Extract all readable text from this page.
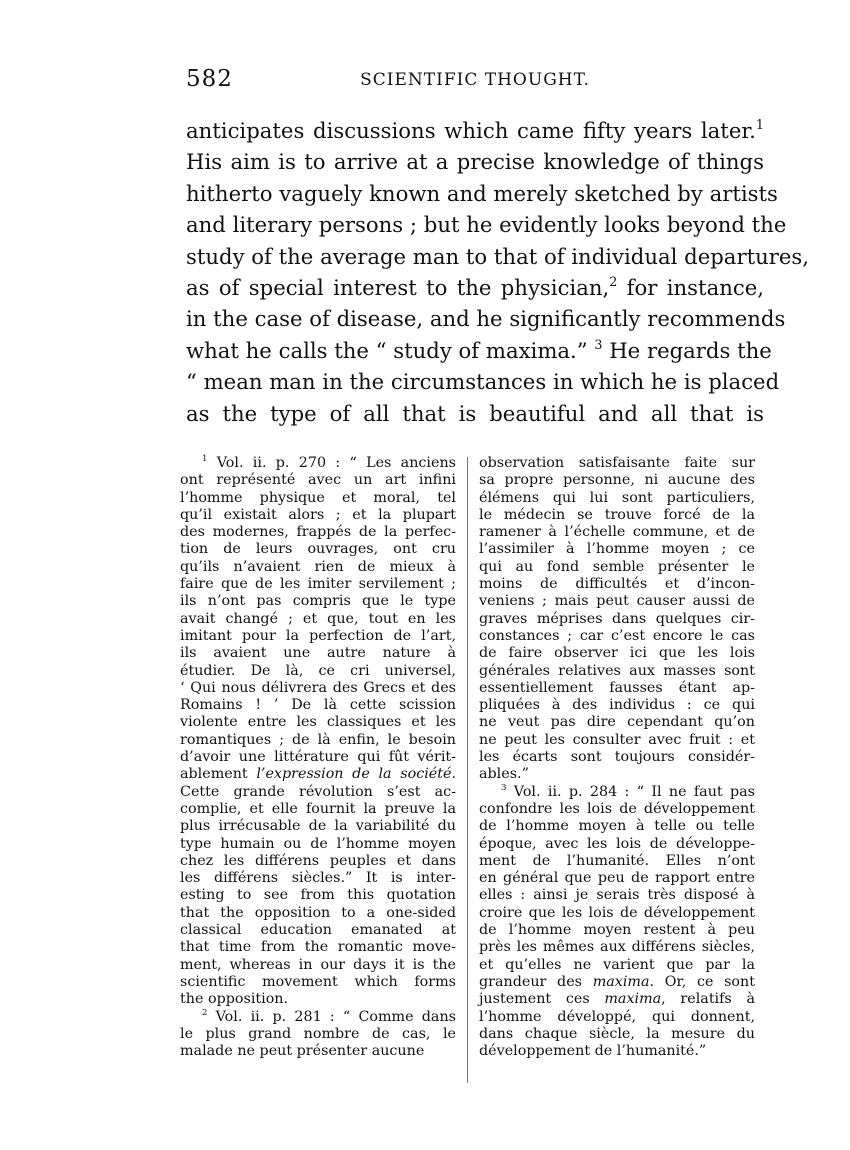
582	SCIENTIFIC THOUGHT.
anticipates discussions which came fifty years later.$^1$
His aim is to arrive at a precise knowledge of things
hitherto vaguely known and merely sketched by artists
and literary persons ; but he evidently looks beyond the
study of the average man to that of individual departures,
as of special interest to the physician,$^2$ for instance,
in the case of disease, and he significantly recommends
what he calls the “ study of maxima.” $^3$ He regards the
“ mean man in the circumstances in which he is placed
as the type of all that is beautiful and all that is
$^1$ Vol. ii. p. 270 : “ Les anciens
ont représenté avec un art infini
l’homme physique et moral, tel
qu’il existait alors ; et la plupart
des modernes, frappés de la perfec-
tion de leurs ouvrages, ont cru
qu’ils n’avaient rien de mieux à
faire que de les imiter servilement ;
ils n’ont pas compris que le type
avait changé ; et que, tout en les
imitant pour la perfection de l’art,
ils avaient une autre nature à
étudier. De là, ce cri universel,
‘ Qui nous délivrera des Grecs et des
Romains ! ’ De là cette scission
violente entre les classiques et les
romantiques ; de là enfin, le besoin
d’avoir une littérature qui fût vérit-
ablement l’expression de la société.
Cette grande révolution s’est ac-
complie, et elle fournit la preuve la
plus irrécusable de la variabilité du
type humain ou de l’homme moyen
chez les différens peuples et dans
les différens siècles.” It is inter-
esting to see from this quotation
that the opposition to a one-sided
classical education emanated at
that time from the romantic move-
ment, whereas in our days it is the
scientific movement which forms
the opposition.
$^2$ Vol. ii. p. 281 : “ Comme dans
le plus grand nombre de cas, le
malade ne peut présenter aucune
observation satisfaisante faite sur
sa propre personne, ni aucune des
élémens qui lui sont particuliers,
le médecin se trouve forcé de la
ramener à l’échelle commune, et de
l’assimiler à l’homme moyen ; ce
qui au fond semble présenter le
moins de difficultés et d’incon-
veniens ; mais peut causer aussi de
graves méprises dans quelques cir-
constances ; car c’est encore le cas
de faire observer ici que les lois
générales relatives aux masses sont
essentiellement fausses étant ap-
pliquées à des individus : ce qui
ne veut pas dire cependant qu’on
ne peut les consulter avec fruit : et
les écarts sont toujours considér-
ables.”
$^3$ Vol. ii. p. 284 : “ Il ne faut pas
confondre les lois de développement
de l’homme moyen à telle ou telle
époque, avec les lois de développe-
ment de l’humanité. Elles n’ont
en général que peu de rapport entre
elles : ainsi je serais très disposé à
croire que les lois de développement
de l’homme moyen restent à peu
près les mêmes aux différens siècles,
et qu’elles ne varient que par la
grandeur des maxima. Or, ce sont
justement ces maxima, relatifs à
l’homme développé, qui donnent,
dans chaque siècle, la mesure du
développement de l’humanité.”
